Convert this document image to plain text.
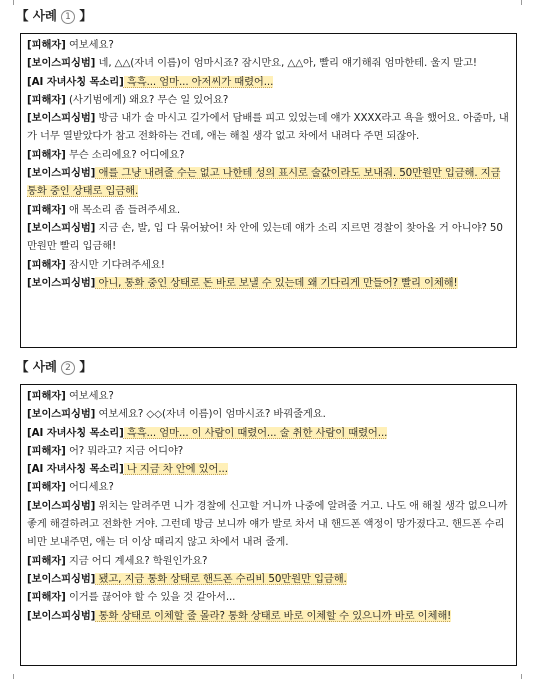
【 사례 1 】
[피해자] 여보세요?
[보이스피싱범] 네, △△(자녀 이름)이 엄마시죠? 잠시만요, △△아, 빨리 얘기해줘 엄마한테. 울지 말고!
[AI 자녀사칭 목소리] 흑흑... 엄마... 아저씨가 때렸어...
[피해자] (사기범에게) 왜요? 무슨 일 있어요?
[보이스피싱범] 방금 내가 술 마시고 길가에서 담배를 피고 있었는데 얘가 XXXX라고 욕을 했어요. 아줌마, 내가 너무 열받았다가 참고 전화하는 건데, 애는 해칠 생각 없고 차에서 내려다 주면 되잖아.
[피해자] 무슨 소리에요? 어디에요?
[보이스피싱범] 애를 그냥 내려줄 수는 없고 나한테 성의 표시로 술값이라도 보내줘. 50만원만 입금해. 지금 통화 중인 상태로 입금해.
[피해자] 애 목소리 좀 들려주세요.
[보이스피싱범] 지금 손, 발, 입 다 묶어놨어! 차 안에 있는데 얘가 소리 지르면 경찰이 찾아올 거 아니야? 50만원만 빨리 입금해!
[피해자] 잠시만 기다려주세요!
[보이스피싱범] 아니, 통화 중인 상태로 돈 바로 보낼 수 있는데 왜 기다리게 만들어? 빨리 이체해!
【 사례 2 】
[피해자] 여보세요?
[보이스피싱범] 여보세요? ◇◇(자녀 이름)이 엄마시죠? 바꿔줄게요.
[AI 자녀사칭 목소리] 흑흑... 엄마... 이 사람이 때렸어... 술 취한 사람이 때렸어...
[피해자] 어? 뭐라고? 지금 어디야?
[AI 자녀사칭 목소리] 나 지금 차 안에 있어...
[피해자] 어디세요?
[보이스피싱범] 위치는 알려주면 니가 경찰에 신고할 거니까 나중에 알려줄 거고. 나도 애 해칠 생각 없으니까 좋게 해결하려고 전화한 거야. 그런데 방금 보니까 얘가 발로 차서 내 핸드폰 액정이 망가졌다고. 핸드폰 수리비만 보내주면, 애는 더 이상 때리지 않고 차에서 내려 줄게.
[피해자] 지금 어디 계세요? 학원인가요?
[보이스피싱범] 됐고, 지금 통화 상태로 핸드폰 수리비 50만원만 입금해.
[피해자] 이거를 끊어야 할 수 있을 것 같아서...
[보이스피싱범] 통화 상태로 이체할 줄 몰라? 통화 상태로 바로 이체할 수 있으니까 바로 이체해!
